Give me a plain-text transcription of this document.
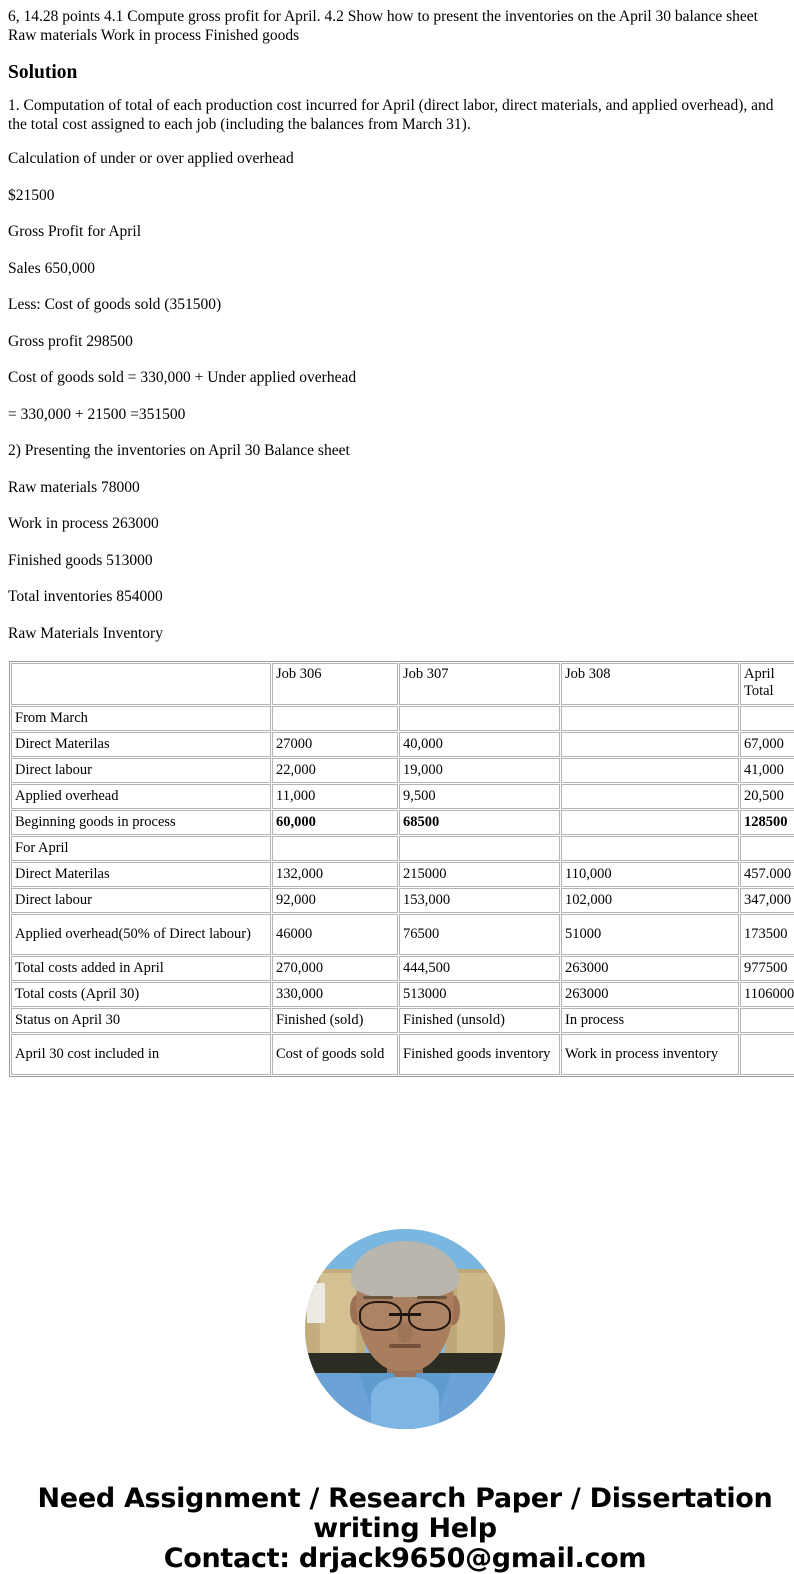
6, 14.28 points 4.1 Compute gross profit for April. 4.2 Show how to present the inventories on the April 30 balance sheet
Raw materials Work in process Finished goods
Solution

1. Computation of total of each production cost incurred for April (direct labor, direct materials, and applied overhead), and the total cost assigned to each job (including the balances from March 31).

Calculation of under or over applied overhead

$21500

Gross Profit for April

Sales 650,000

Less: Cost of goods sold (351500)

Gross profit 298500

Cost of goods sold = 330,000 + Under applied overhead

= 330,000 + 21500 =351500

2) Presenting the inventories on April 30 Balance sheet

Raw materials 78000

Work in process 263000

Finished goods 513000

Total inventories 854000

Raw Materials Inventory

	Job 306	Job 307	Job 308	April
Total
From March				
Direct Materilas	27000	40,000		67,000
Direct labour	22,000	19,000		41,000
Applied overhead	11,000	9,500		20,500
Beginning goods in process	60,000	68500		128500
For April				
Direct Materilas	132,000	215000	110,000	457.000
Direct labour	92,000	153,000	102,000	347,000
Applied overhead(50% of Direct labour)	46000	76500	51000	173500
Total costs added in April	270,000	444,500	263000	977500
Total costs (April 30)	330,000	513000	263000	1106000
Status on April 30	Finished (sold)	Finished (unsold)	In process	
April 30 cost included in	Cost of goods sold	Finished goods inventory	Work in process inventory	
Need Assignment / Research Paper / Dissertation writing Help
Contact: drjack9650@gmail.com
